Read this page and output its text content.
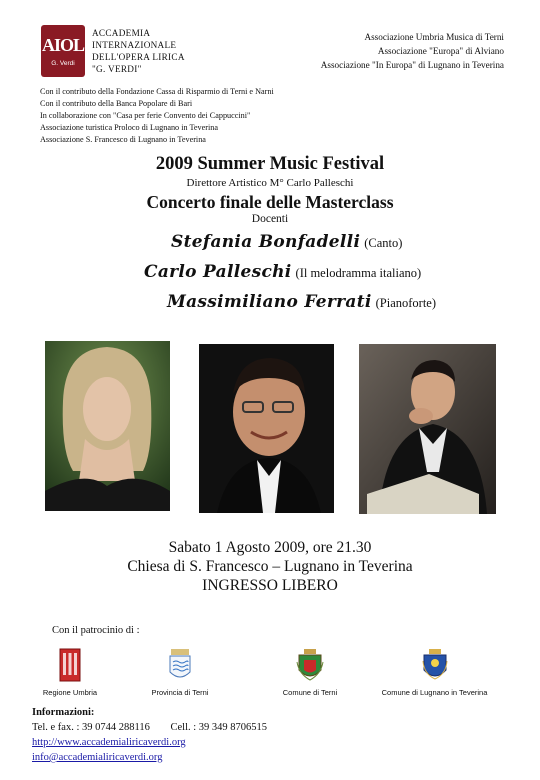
AIOL
G. Verdi
ACCADEMIA
INTERNAZIONALE
DELL'OPERA LIRICA
"G. VERDI"
Associazione Umbria Musica di Terni
Associazione "Europa" di Alviano
Associazione "In Europa" di Lugnano in Teverina
Con il contributo della Fondazione Cassa di Risparmio di Terni e Narni
Con il contributo della Banca Popolare di Bari
In collaborazione con "Casa per ferie Convento dei Cappuccini"
Associazione turistica Proloco di Lugnano in Teverina
Associazione S. Francesco di Lugnano in Teverina
2009 Summer Music Festival
Direttore Artistico M° Carlo Palleschi
Concerto finale delle Masterclass
Docenti
Stefania Bonfadelli (Canto)
Carlo Palleschi (Il melodramma italiano)
Massimiliano Ferrati (Pianoforte)
Sabato 1 Agosto 2009, ore 21.30
Chiesa di S. Francesco – Lugnano in Teverina
INGRESSO LIBERO
Con il patrocinio di :
Regione Umbria	Provincia di Terni	Comune di Terni	Comune di Lugnano in Teverina
Informazioni:
Tel. e fax. : 39 0744 288116 Cell. : 39 349 8706515
http://www.accademialiricaverdi.org
info@accademialiricaverdi.org
